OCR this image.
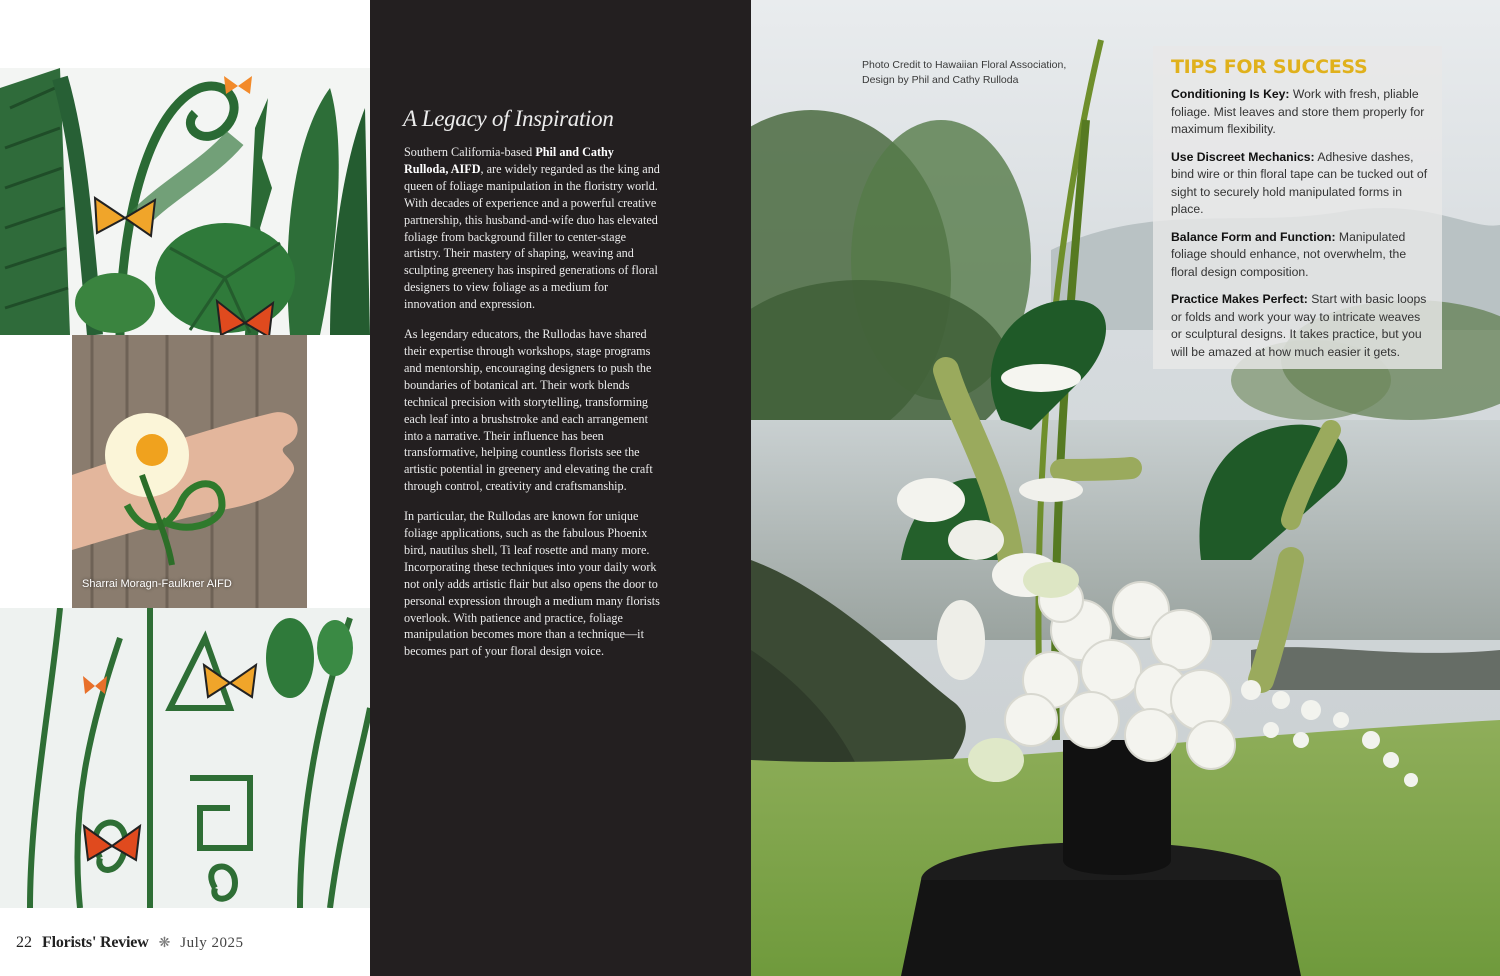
Sharrai Moragn-Faulkner AIFD
22 Florists' Review ❋ July 2025
A Legacy of Inspiration

Southern California-based Phil and Cathy Rulloda, AIFD, are widely regarded as the king and queen of foliage manipulation in the floristry world. With decades of experience and a powerful creative partnership, this husband-and-wife duo has elevated foliage from background filler to center-stage artistry. Their mastery of shaping, weaving and sculpting greenery has inspired generations of floral designers to view foliage as a medium for innovation and expression.

As legendary educators, the Rullodas have shared their expertise through workshops, stage programs and mentorship, encouraging designers to push the boundaries of botanical art. Their work blends technical precision with storytelling, transforming each leaf into a brushstroke and each arrangement into a narrative. Their influence has been transformative, helping countless florists see the artistic potential in greenery and elevating the craft through control, creativity and craftsmanship.

In particular, the Rullodas are known for unique foliage applications, such as the fabulous Phoenix bird, nautilus shell, Ti leaf rosette and many more. Incorporating these techniques into your daily work not only adds artistic flair but also opens the door to personal expression through a medium many florists overlook. With patience and practice, foliage manipulation becomes more than a technique—it becomes part of your floral design voice.

Photo Credit to Hawaiian Floral Association,
Design by Phil and Cathy Rulloda
TIPS FOR SUCCESS
Conditioning Is Key: Work with fresh, pliable foliage. Mist leaves and store them properly for maximum flexibility.
Use Discreet Mechanics: Adhesive dashes, bind wire or thin floral tape can be tucked out of sight to securely hold manipulated forms in place.
Balance Form and Function: Manipulated foliage should enhance, not overwhelm, the floral design composition.
Practice Makes Perfect: Start with basic loops or folds and work your way to intricate weaves or sculptural designs. It takes practice, but you will be amazed at how much easier it gets.
